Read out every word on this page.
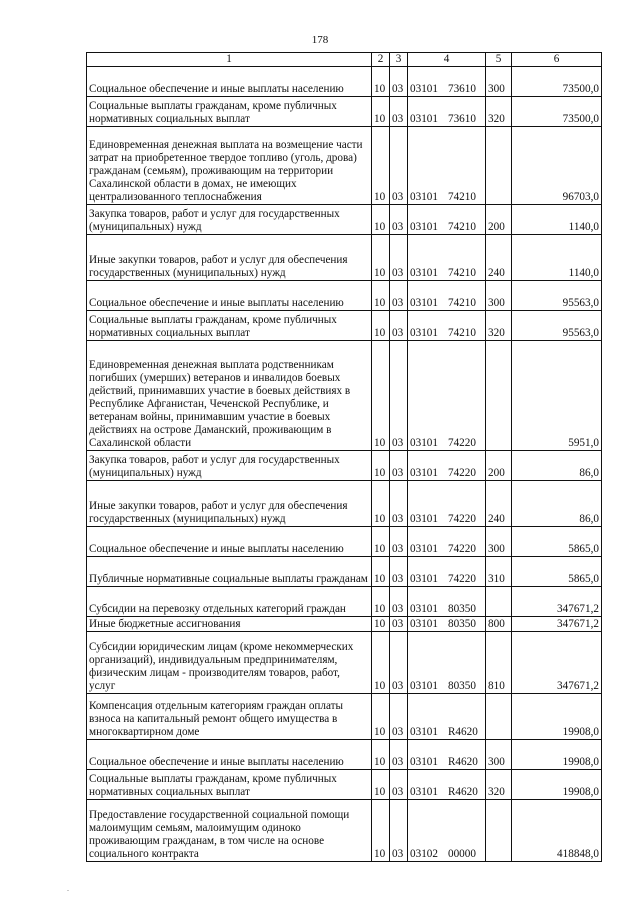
178
1	2	3	4	5	6
Социальное обеспечение и иные выплаты населению	10	03	03101 73610	300	73500,0
Социальные выплаты гражданам, кроме публичных нормативных социальных выплат	10	03	03101 73610	320	73500,0
Единовременная денежная выплата на возмещение части затрат на приобретенное твердое топливо (уголь, дрова) гражданам (семьям), проживающим на территории Сахалинской области в домах, не имеющих централизованного теплоснабжения	10	03	03101 74210		96703,0
Закупка товаров, работ и услуг для государственных (муниципальных) нужд	10	03	03101 74210	200	1140,0
Иные закупки товаров, работ и услуг для обеспечения государственных (муниципальных) нужд	10	03	03101 74210	240	1140,0
Социальное обеспечение и иные выплаты населению	10	03	03101 74210	300	95563,0
Социальные выплаты гражданам, кроме публичных нормативных социальных выплат	10	03	03101 74210	320	95563,0
Единовременная денежная выплата родственникам погибших (умерших) ветеранов и инвалидов боевых действий, принимавших участие в боевых действиях в Республике Афганистан, Чеченской Республике, и ветеранам войны, принимавшим участие в боевых действиях на острове Даманский, проживающим в Сахалинской области	10	03	03101 74220		5951,0
Закупка товаров, работ и услуг для государственных (муниципальных) нужд	10	03	03101 74220	200	86,0
Иные закупки товаров, работ и услуг для обеспечения государственных (муниципальных) нужд	10	03	03101 74220	240	86,0
Социальное обеспечение и иные выплаты населению	10	03	03101 74220	300	5865,0
Публичные нормативные социальные выплаты гражданам	10	03	03101 74220	310	5865,0
Субсидии на перевозку отдельных категорий граждан	10	03	03101 80350		347671,2
Иные бюджетные ассигнования	10	03	03101 80350	800	347671,2
Субсидии юридическим лицам (кроме некоммерческих организаций), индивидуальным предпринимателям, физическим лицам - производителям товаров, работ, услуг	10	03	03101 80350	810	347671,2
Компенсация отдельным категориям граждан оплаты взноса на капитальный ремонт общего имущества в многоквартирном доме	10	03	03101 R4620		19908,0
Социальное обеспечение и иные выплаты населению	10	03	03101 R4620	300	19908,0
Социальные выплаты гражданам, кроме публичных нормативных социальных выплат	10	03	03101 R4620	320	19908,0
Предоставление государственной социальной помощи малоимущим семьям, малоимущим одиноко проживающим гражданам, в том числе на основе социального контракта	10	03	03102 00000		418848,0
.
